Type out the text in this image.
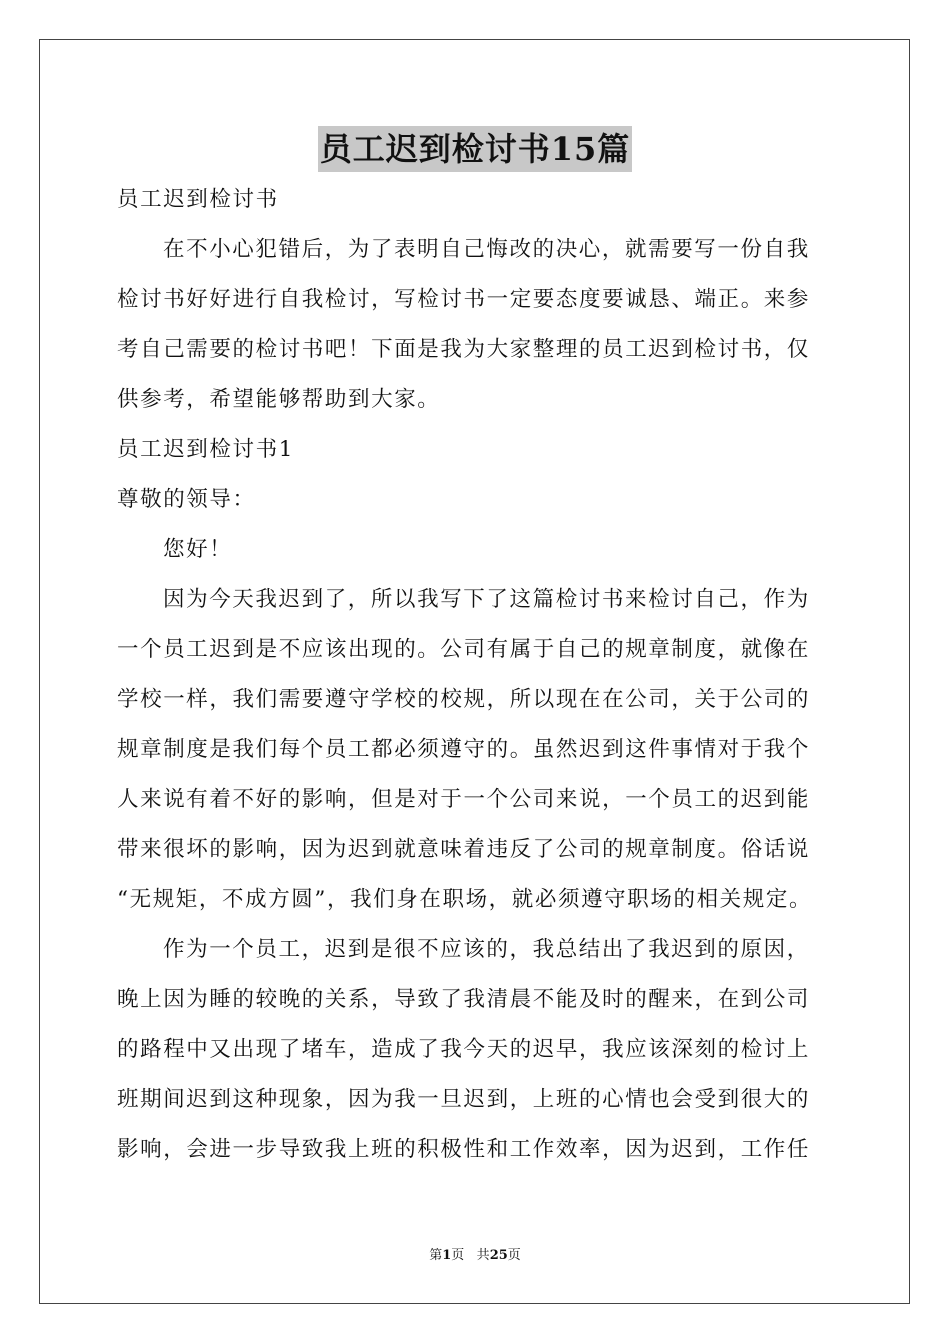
员工迟到检讨书15篇

员工迟到检讨书

在不小心犯错后，为了表明自己悔改的决心，就需要写一份自我

检讨书好好进行自我检讨，写检讨书一定要态度要诚恳、端正。来参

考自己需要的检讨书吧！下面是我为大家整理的员工迟到检讨书，仅

供参考，希望能够帮助到大家。

员工迟到检讨书1

尊敬的领导：

您好！

因为今天我迟到了，所以我写下了这篇检讨书来检讨自己，作为

一个员工迟到是不应该出现的。公司有属于自己的规章制度，就像在

学校一样，我们需要遵守学校的校规，所以现在在公司，关于公司的

规章制度是我们每个员工都必须遵守的。虽然迟到这件事情对于我个

人来说有着不好的影响，但是对于一个公司来说，一个员工的迟到能

带来很坏的影响，因为迟到就意味着违反了公司的规章制度。俗话说

“无规矩，不成方圆”，我们身在职场，就必须遵守职场的相关规定。

作为一个员工，迟到是很不应该的，我总结出了我迟到的原因，

晚上因为睡的较晚的关系，导致了我清晨不能及时的醒来，在到公司

的路程中又出现了堵车，造成了我今天的迟早，我应该深刻的检讨上

班期间迟到这种现象，因为我一旦迟到，上班的心情也会受到很大的

影响，会进一步导致我上班的积极性和工作效率，因为迟到，工作任

第1页 共25页
